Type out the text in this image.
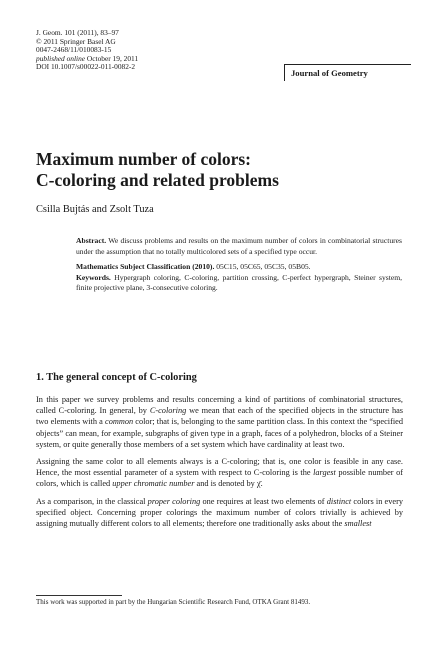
J. Geom. 101 (2011), 83–97
© 2011 Springer Basel AG
0047-2468/11/010083-15
published online October 19, 2011
DOI 10.1007/s00022-011-0082-2
Journal of Geometry
Maximum number of colors:
C-coloring and related problems
Csilla Bujtás and Zsolt Tuza

Abstract. We discuss problems and results on the maximum number of colors in combinatorial structures under the assumption that no totally multicolored sets of a specified type occur.

Mathematics Subject Classification (2010). 05C15, 05C65, 05C35, 05B05.
Keywords. Hypergraph coloring, C-coloring, partition crossing, C-perfect hypergraph, Steiner system, finite projective plane, 3-consecutive coloring.

1. The general concept of C-coloring

In this paper we survey problems and results concerning a kind of partitions of combinatorial structures, called C-coloring. In general, by C-coloring we mean that each of the specified objects in the structure has two elements with a common color; that is, belonging to the same partition class. In this context the “specified objects” can mean, for example, subgraphs of given type in a graph, faces of a polyhedron, blocks of a Steiner system, or quite generally those members of a set system which have cardinality at least two.

Assigning the same color to all elements always is a C-coloring; that is, one color is feasible in any case. Hence, the most essential parameter of a system with respect to C-coloring is the largest possible number of colors, which is called upper chromatic number and is denoted by χ̄.

As a comparison, in the classical proper coloring one requires at least two elements of distinct colors in every specified object. Concerning proper colorings the maximum number of colors trivially is achieved by assigning mutually different colors to all elements; therefore one traditionally asks about the smallest

This work was supported in part by the Hungarian Scientific Research Fund, OTKA Grant 81493.
